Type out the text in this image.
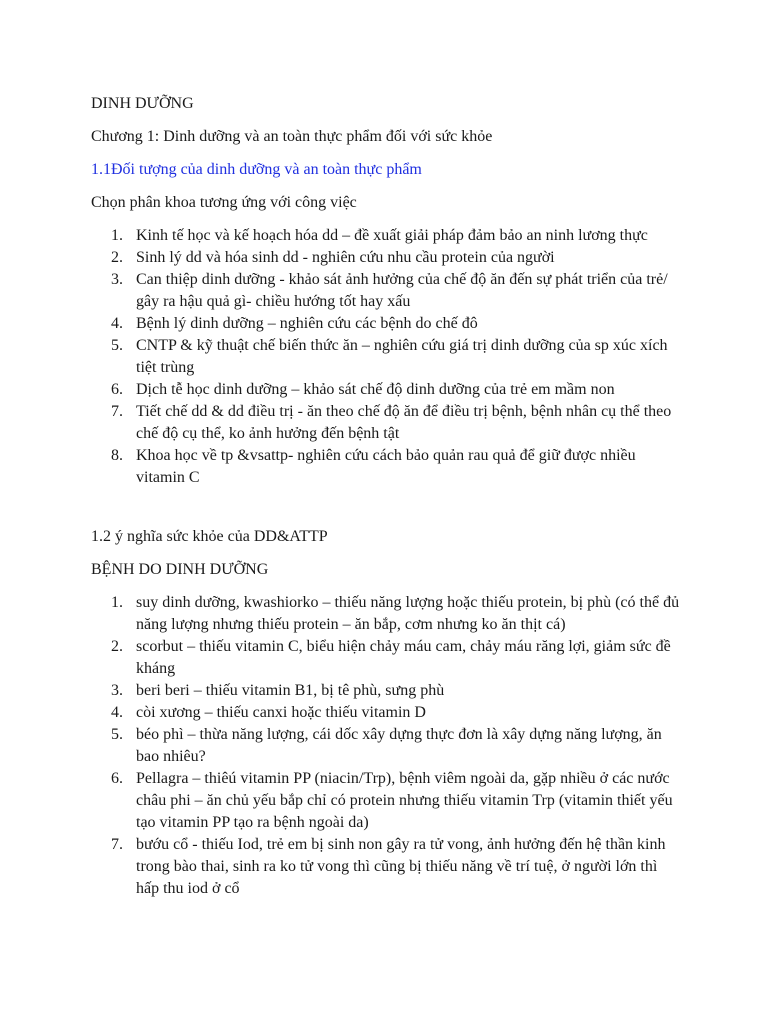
DINH DƯỠNG

Chương 1: Dinh dưỡng và an toàn thực phẩm đối với sức khỏe

1.1Đối tượng của dinh dưỡng và an toàn thực phẩm

Chọn phân khoa tương ứng với công việc

1. Kinh tế học và kế hoạch hóa dd – đề xuất giải pháp đảm bảo an ninh lương thực
2. Sinh lý dd và hóa sinh dd - nghiên cứu nhu cầu protein của người
3. Can thiệp dinh dưỡng - khảo sát ảnh hưởng của chế độ ăn đến sự phát triển của trẻ/ gây ra hậu quả gì- chiều hướng tốt hay xấu
4. Bệnh lý dinh dưỡng – nghiên cứu các bệnh do chế đô
5. CNTP & kỹ thuật chế biến thức ăn – nghiên cứu giá trị dinh dưỡng của sp xúc xích tiệt trùng
6. Dịch tễ học dinh dưỡng – khảo sát chế độ dinh dưỡng của trẻ em mầm non
7. Tiết chế dd & dd điều trị - ăn theo chế độ ăn để điều trị bệnh, bệnh nhân cụ thể theo chế độ cụ thể, ko ảnh hưởng đến bệnh tật
8. Khoa học về tp &vsattp- nghiên cứu cách bảo quản rau quả để giữ được nhiều vitamin C

1.2 ý nghĩa sức khỏe của DD&ATTP

BỆNH DO DINH DƯỠNG

1. suy dinh dưỡng, kwashiorko – thiếu năng lượng hoặc thiếu protein, bị phù (có thể đủ năng lượng nhưng thiếu protein – ăn bắp, cơm nhưng ko ăn thịt cá)
2. scorbut – thiếu vitamin C, biểu hiện chảy máu cam, chảy máu răng lợi, giảm sức đề kháng
3. beri beri – thiếu vitamin B1, bị tê phù, sưng phù
4. còi xương – thiếu canxi hoặc thiếu vitamin D
5. béo phì – thừa năng lượng, cái dốc xây dựng thực đơn là xây dựng năng lượng, ăn bao nhiêu?
6. Pellagra – thiêú vitamin PP (niacin/Trp), bệnh viêm ngoài da, gặp nhiều ở các nước châu phi – ăn chủ yếu bắp chỉ có protein nhưng thiếu vitamin Trp (vitamin thiết yếu tạo vitamin PP tạo ra bệnh ngoài da)
7. bướu cổ - thiếu Iod, trẻ em bị sinh non gây ra tử vong, ảnh hưởng đến hệ thần kinh trong bào thai, sinh ra ko tử vong thì cũng bị thiếu năng về trí tuệ, ở người lớn thì hấp thu iod ở cổ
